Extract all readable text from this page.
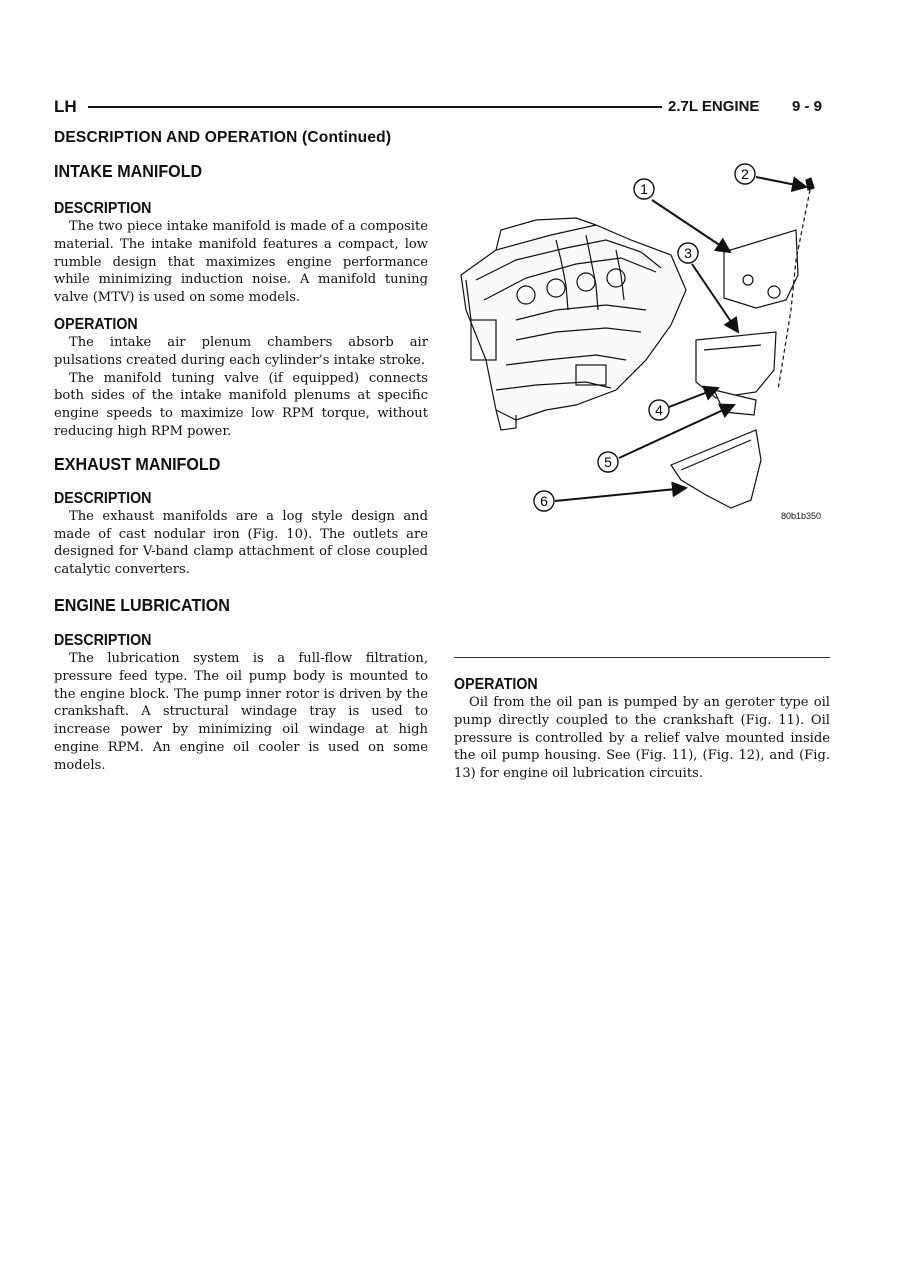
LH	2.7L ENGINE 9 - 9
DESCRIPTION AND OPERATION (Continued)
INTAKE MANIFOLD
DESCRIPTION

The two piece intake manifold is made of a composite material. The intake manifold features a compact, low rumble design that maximizes engine performance while minimizing induction noise. A manifold tuning valve (MTV) is used on some models.

OPERATION

The intake air plenum chambers absorb air pulsations created during each cylinder’s intake stroke.

The manifold tuning valve (if equipped) connects both sides of the intake manifold plenums at specific engine speeds to maximize low RPM torque, without reducing high RPM power.

EXHAUST MANIFOLD
DESCRIPTION

The exhaust manifolds are a log style design and made of cast nodular iron (Fig. 10). The outlets are designed for V-band clamp attachment of close coupled catalytic converters.

ENGINE LUBRICATION
DESCRIPTION

The lubrication system is a full-flow filtration, pressure feed type. The oil pump body is mounted to the engine block. The pump inner rotor is driven by the crankshaft. A structural windage tray is used to increase power by minimizing oil windage at high engine RPM. An engine oil cooler is used on some models.

1
2
3
4
5
6
80b1b350
OPERATION

Oil from the oil pan is pumped by an geroter type oil pump directly coupled to the crankshaft (Fig. 11). Oil pressure is controlled by a relief valve mounted inside the oil pump housing. See (Fig. 11), (Fig. 12), and (Fig. 13) for engine oil lubrication circuits.
